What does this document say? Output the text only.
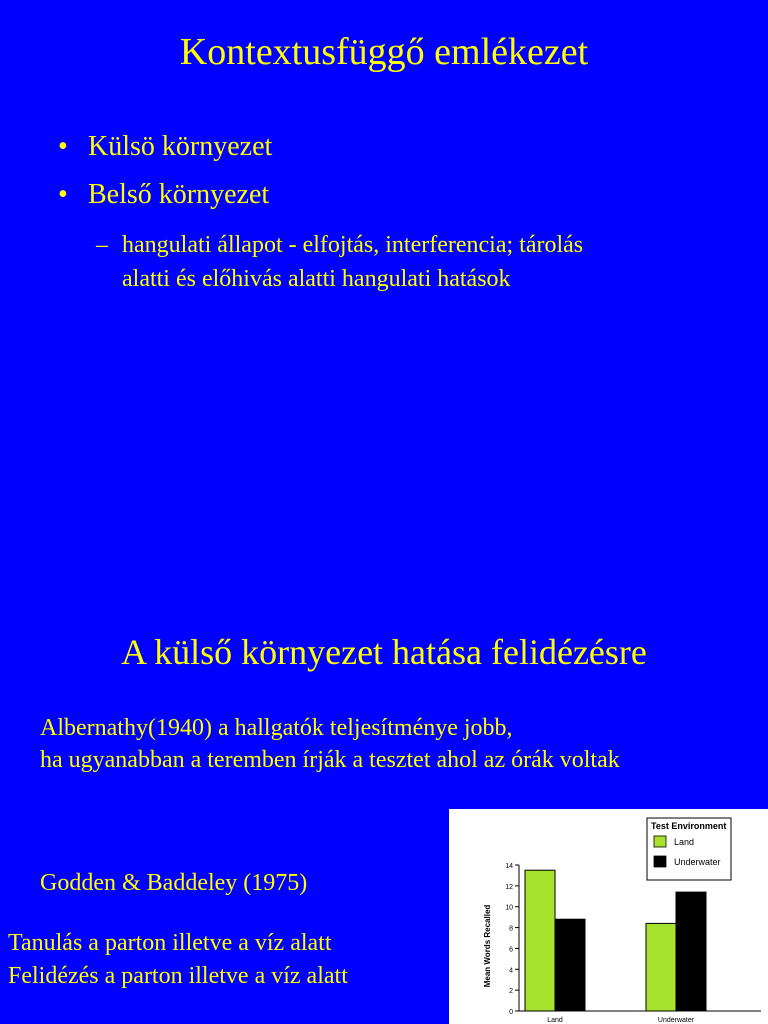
Kontextusfüggő emlékezet
• Külsö környezet
• Belső környezet
– hangulati állapot - elfojtás, interferencia; tárolás
alatti és előhivás alatti hangulati hatások
A külső környezet hatása felidézésre
Albernathy(1940) a hallgatók teljesítménye jobb,
ha ugyanabban a teremben írják a tesztet ahol az órák voltak
Godden & Baddeley (1975)
Tanulás a parton illetve a víz alatt
Felidézés a parton illetve a víz alatt
Test Environment
Land
Underwater
Mean Words Recalled
0
2
4
6
8
10
12
14
Land	Underwater
